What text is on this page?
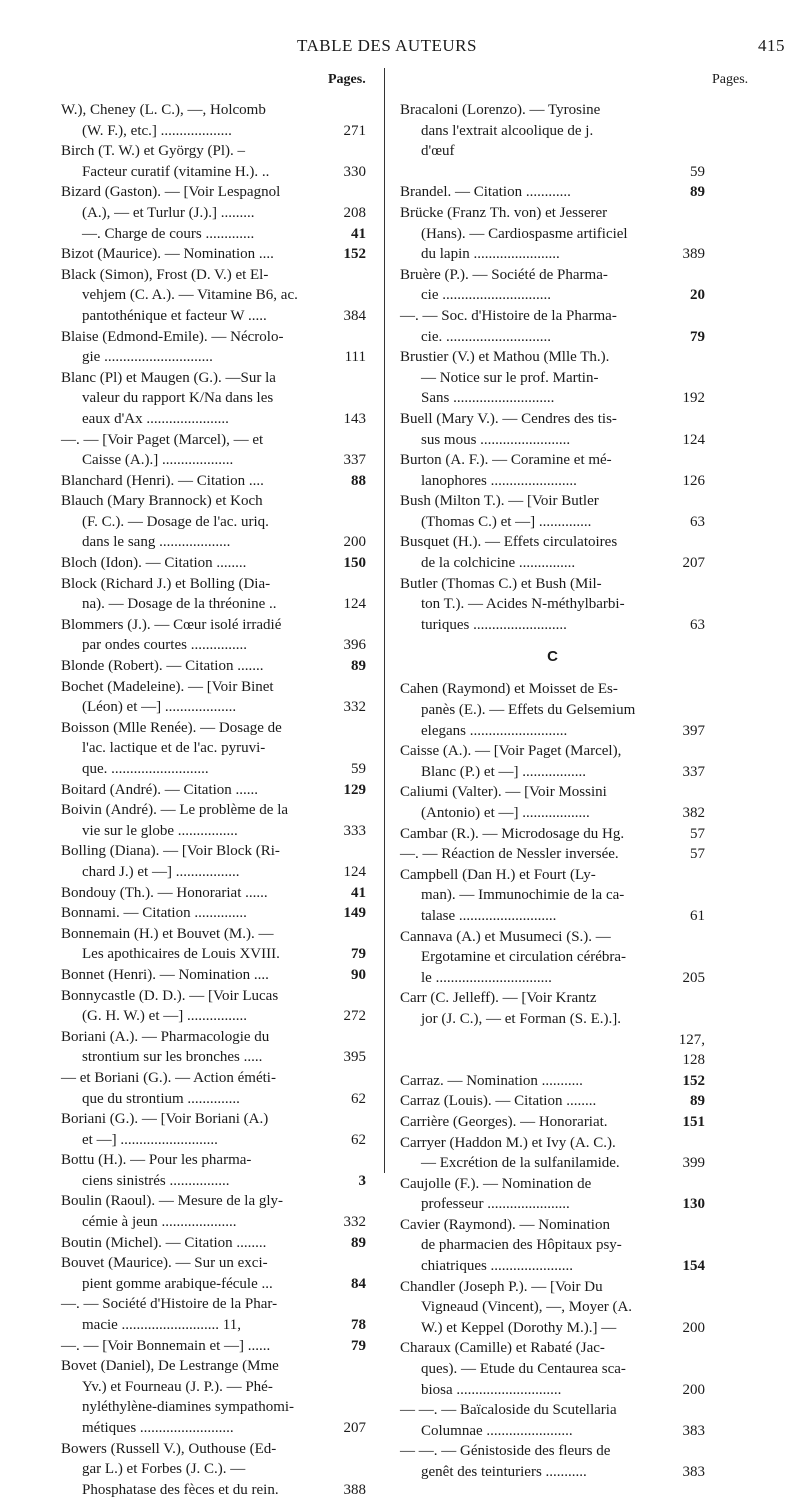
TABLE DES AUTEURS	415
Pages.	Pages.
W.), Cheney (L. C.), —, Holcomb
(W. F.), etc.] ...................	271
Birch (T. W.) et György (Pl). –
Facteur curatif (vitamine H.). ..	330
Bizard (Gaston). — [Voir Lespagnol
(A.), — et Turlur (J.).] .........	208
—. Charge de cours .............	41
Bizot (Maurice). — Nomination ....	152
Black (Simon), Frost (D. V.) et El-
vehjem (C. A.). — Vitamine B6, ac.
pantothénique et facteur W .....	384
Blaise (Edmond-Emile). — Nécrolo-
gie .............................	111
Blanc (Pl) et Maugen (G.). —Sur la
valeur du rapport K/Na dans les
eaux d'Ax ......................	143
—. — [Voir Paget (Marcel), — et
Caisse (A.).] ...................	337
Blanchard (Henri). — Citation ....	88
Blauch (Mary Brannock) et Koch
(F. C.). — Dosage de l'ac. uriq.
dans le sang ...................	200
Bloch (Idon). — Citation ........	150
Block (Richard J.) et Bolling (Dia-
na). — Dosage de la thréonine ..	124
Blommers (J.). — Cœur isolé irradié
par ondes courtes ...............	396
Blonde (Robert). — Citation .......	89
Bochet (Madeleine). — [Voir Binet
(Léon) et —] ...................	332
Boisson (Mlle Renée). — Dosage de
l'ac. lactique et de l'ac. pyruvi-
que. ..........................	59
Boitard (André). — Citation ......	129
Boivin (André). — Le problème de la
vie sur le globe ................	333
Bolling (Diana). — [Voir Block (Ri-
chard J.) et —] .................	124
Bondouy (Th.). — Honorariat ......	41
Bonnami. — Citation ..............	149
Bonnemain (H.) et Bouvet (M.). —
Les apothicaires de Louis XVIII.	79
Bonnet (Henri). — Nomination ....	90
Bonnycastle (D. D.). — [Voir Lucas
(G. H. W.) et —] ................	272
Boriani (A.). — Pharmacologie du
strontium sur les bronches .....	395
— et Boriani (G.). — Action éméti-
que du strontium ..............	62
Boriani (G.). — [Voir Boriani (A.)
et —] ..........................	62
Bottu (H.). — Pour les pharma-
ciens sinistrés ................	3
Boulin (Raoul). — Mesure de la gly-
cémie à jeun ....................	332
Boutin (Michel). — Citation ........	89
Bouvet (Maurice). — Sur un exci-
pient gomme arabique-fécule ...	84
—. — Société d'Histoire de la Phar-
macie .......................... 11,	78
—. — [Voir Bonnemain et —] ......	79
Bovet (Daniel), De Lestrange (Mme
Yv.) et Fourneau (J. P.). — Phé-
nyléthylène-diamines sympathomi-
métiques .........................	207
Bowers (Russell V.), Outhouse (Ed-
gar L.) et Forbes (J. C.). —
Phosphatase des fèces et du rein.	388
Bracaloni (Lorenzo). — Tyrosine
dans l'extrait alcoolique de j.
d'œuf
59
Brandel. — Citation ............	89
Brücke (Franz Th. von) et Jesserer
(Hans). — Cardiospasme artificiel
du lapin .......................	389
Bruère (P.). — Société de Pharma-
cie .............................	20
—. — Soc. d'Histoire de la Pharma-
cie. ............................	79
Brustier (V.) et Mathou (Mlle Th.).
— Notice sur le prof. Martin-
Sans ...........................	192
Buell (Mary V.). — Cendres des tis-
sus mous ........................	124
Burton (A. F.). — Coramine et mé-
lanophores .......................	126
Bush (Milton T.). — [Voir Butler
(Thomas C.) et —] ..............	63
Busquet (H.). — Effets circulatoires
de la colchicine ...............	207
Butler (Thomas C.) et Bush (Mil-
ton T.). — Acides N-méthylbarbi-
turiques .........................	63
C
Cahen (Raymond) et Moisset de Es-
panès (E.). — Effets du Gelsemium
elegans ..........................	397
Caisse (A.). — [Voir Paget (Marcel),
Blanc (P.) et —] .................	337
Caliumi (Valter). — [Voir Mossini
(Antonio) et —] ..................	382
Cambar (R.). — Microdosage du Hg.	57
—. — Réaction de Nessler inversée.	57
Campbell (Dan H.) et Fourt (Ly-
man). — Immunochimie de la ca-
talase ..........................	61
Cannava (A.) et Musumeci (S.). —
Ergotamine et circulation cérébra-
le ...............................	205
Carr (C. Jelleff). — [Voir Krantz
jor (J. C.), — et Forman (S. E.).].
127,
128
Carraz. — Nomination ...........	152
Carraz (Louis). — Citation ........	89
Carrière (Georges). — Honorariat.	151
Carryer (Haddon M.) et Ivy (A. C.).
— Excrétion de la sulfanilamide.	399
Caujolle (F.). — Nomination de
professeur ......................	130
Cavier (Raymond). — Nomination
de pharmacien des Hôpitaux psy-
chiatriques ......................	154
Chandler (Joseph P.). — [Voir Du
Vigneaud (Vincent), —, Moyer (A.
W.) et Keppel (Dorothy M.).] —	200
Charaux (Camille) et Rabaté (Jac-
ques). — Etude du Centaurea sca-
biosa ............................	200
— —. — Baïcaloside du Scutellaria
Columnae .......................	383
— —. — Génistoside des fleurs de
genêt des teinturiers ...........	383
